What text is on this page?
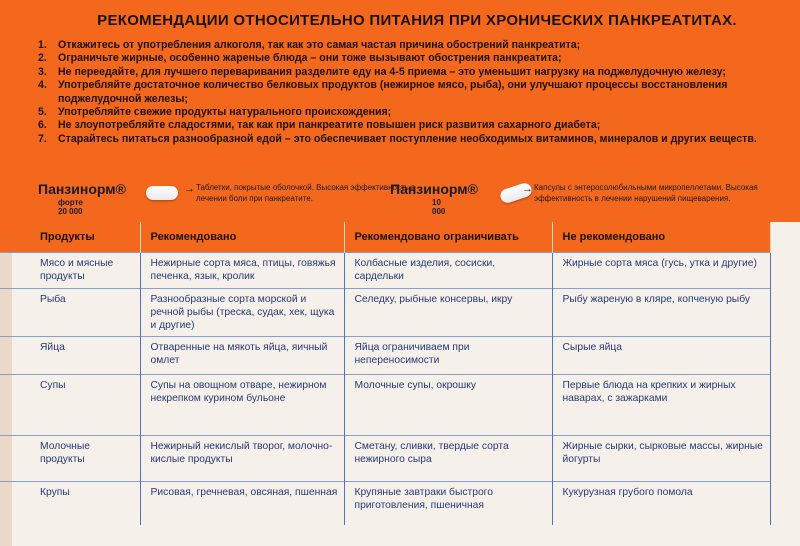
РЕКОМЕНДАЦИИ ОТНОСИТЕЛЬНО ПИТАНИЯ ПРИ ХРОНИЧЕСКИХ ПАНКРЕАТИТАХ.
1.	Откажитесь от употребления алкоголя, так как это самая частая причина обострений панкреатита;
2.	Ограничьте жирные, особенно жареные блюда – они тоже вызывают обострения панкреатита;
3.	Не переедайте, для лучшего переваривания разделите еду на 4-5 приема – это уменьшит нагрузку на поджелудочную железу;
4.	Употребляйте достаточное количество белковых продуктов (нежирное мясо, рыба), они улучшают процессы восстановления поджелудочной железы;
5.	Употребляйте свежие продукты натурального происхождения;
6.	Не злоупотребляйте сладостями, так как при панкреатите повышен риск развития сахарного диабета;
7.	Старайтесь питаться разнообразной едой – это обеспечивает поступление необходимых витаминов, минералов и других веществ.
Панзинорм®
форте 20 000
→ Таблетки, покрытые оболочкой. Высокая эффективность в лечении боли при панкреатите.
Панзинорм®
10 000
→ Капсулы с энтеросолюбильными микропеллетами. Высокая эффективность в лечении нарушений пищеварения.
Продукты	Рекомендовано	Рекомендовано ограничивать	Не рекомендовано
Мясо и мясные продукты	Нежирные сорта мяса, птицы, говяжья печенка, язык, кролик	Колбасные изделия, сосиски, сардельки	Жирные сорта мяса (гусь, утка и другие)
Рыба	Разнообразные сорта морской и речной рыбы (треска, судак, хек, щука и другие)	Селедку, рыбные консервы, икру	Рыбу жареную в кляре, копченую рыбу
Яйца	Отваренные на мякоть яйца, яичный омлет	Яйца ограничиваем при непереносимости	Сырые яйца
Супы	Супы на овощном отваре, нежирном некрепком курином бульоне	Молочные супы, окрошку	Первые блюда на крепких и жирных наварах, с зажарками
Молочные продукты	Нежирный некислый творог, молочно-кислые продукты	Сметану, сливки, твердые сорта нежирного сыра	Жирные сырки, сырковые массы, жирные йогурты
Крупы	Рисовая, гречневая, овсяная, пшенная	Крупяные завтраки быстрого приготовления, пшеничная	Кукурузная грубого помола
